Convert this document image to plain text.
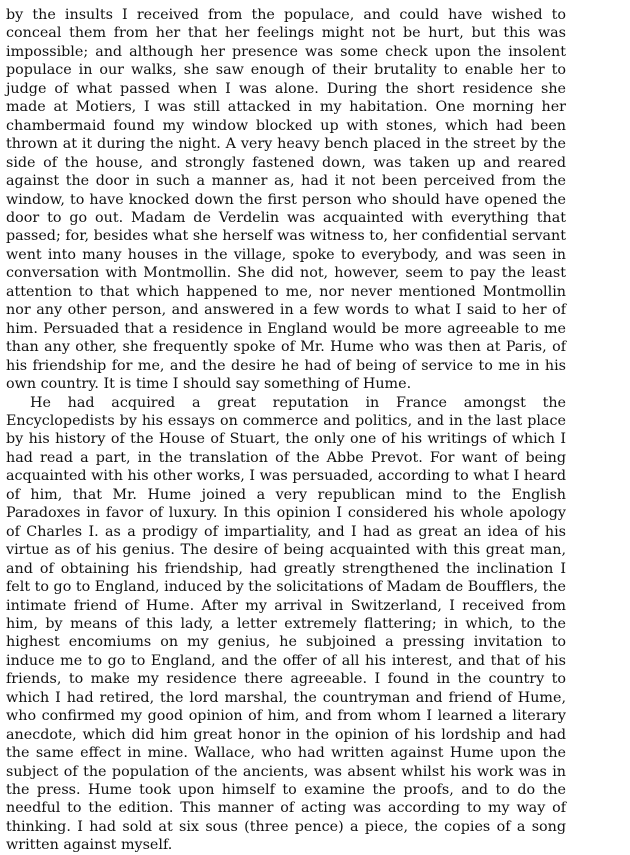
by the insults I received from the populace, and could have wished to conceal them from her that her feelings might not be hurt, but this was impossible; and although her presence was some check upon the insolent populace in our walks, she saw enough of their brutality to enable her to judge of what passed when I was alone. During the short residence she made at Motiers, I was still attacked in my habitation. One morning her chambermaid found my window blocked up with stones, which had been thrown at it during the night. A very heavy bench placed in the street by the side of the house, and strongly fastened down, was taken up and reared against the door in such a manner as, had it not been perceived from the window, to have knocked down the first person who should have opened the door to go out. Madam de Verdelin was acquainted with everything that passed; for, besides what she herself was witness to, her confidential servant went into many houses in the village, spoke to everybody, and was seen in conversation with Montmollin. She did not, however, seem to pay the least attention to that which happened to me, nor never mentioned Montmollin nor any other person, and answered in a few words to what I said to her of him. Persuaded that a residence in England would be more agreeable to me than any other, she frequently spoke of Mr. Hume who was then at Paris, of his friendship for me, and the desire he had of being of service to me in his own country. It is time I should say something of Hume.

He had acquired a great reputation in France amongst the Encyclopedists by his essays on commerce and politics, and in the last place by his history of the House of Stuart, the only one of his writings of which I had read a part, in the translation of the Abbe Prevot. For want of being acquainted with his other works, I was persuaded, according to what I heard of him, that Mr. Hume joined a very republican mind to the English Paradoxes in favor of luxury. In this opinion I considered his whole apology of Charles I. as a prodigy of impartiality, and I had as great an idea of his virtue as of his genius. The desire of being acquainted with this great man, and of obtaining his friendship, had greatly strengthened the inclination I felt to go to England, induced by the solicitations of Madam de Boufflers, the intimate friend of Hume. After my arrival in Switzerland, I received from him, by means of this lady, a letter extremely flattering; in which, to the highest encomiums on my genius, he subjoined a pressing invitation to induce me to go to England, and the offer of all his interest, and that of his friends, to make my residence there agreeable. I found in the country to which I had retired, the lord marshal, the countryman and friend of Hume, who confirmed my good opinion of him, and from whom I learned a literary anecdote, which did him great honor in the opinion of his lordship and had the same effect in mine. Wallace, who had written against Hume upon the subject of the population of the ancients, was absent whilst his work was in the press. Hume took upon himself to examine the proofs, and to do the needful to the edition. This manner of acting was according to my way of thinking. I had sold at six sous (three pence) a piece, the copies of a song written against myself.
